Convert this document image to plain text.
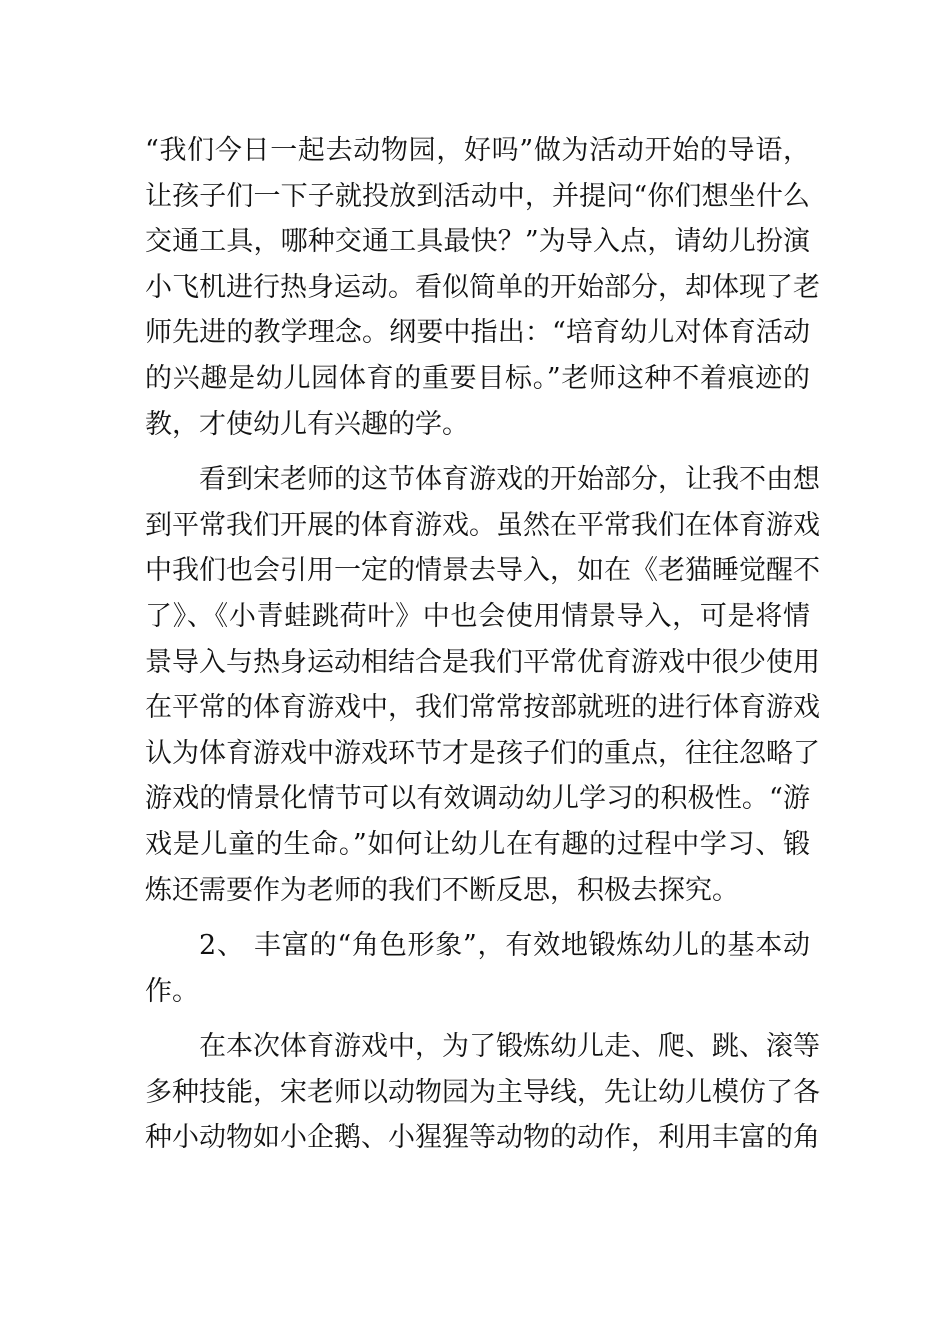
“我们今日一起去动物园，好吗”做为活动开始的导语，
让孩子们一下子就投放到活动中，并提问“你们想坐什么
交通工具，哪种交通工具最快？”为导入点，请幼儿扮演
小飞机进行热身运动。看似简单的开始部分，却体现了老
师先进的教学理念。纲要中指出：“培育幼儿对体育活动
的兴趣是幼儿园体育的重要目标。”老师这种不着痕迹的
教，才使幼儿有兴趣的学。
看到宋老师的这节体育游戏的开始部分，让我不由想
到平常我们开展的体育游戏。虽然在平常我们在体育游戏
中我们也会引用一定的情景去导入，如在《老猫睡觉醒不
了》、《小青蛙跳荷叶》中也会使用情景导入，可是将情
景导入与热身运动相结合是我们平常优育游戏中很少使用
在平常的体育游戏中，我们常常按部就班的进行体育游戏
认为体育游戏中游戏环节才是孩子们的重点，往往忽略了
游戏的情景化情节可以有效调动幼儿学习的积极性。“游
戏是儿童的生命。”如何让幼儿在有趣的过程中学习、锻
炼还需要作为老师的我们不断反思，积极去探究。
2、 丰富的“角色形象”，有效地锻炼幼儿的基本动
作。
在本次体育游戏中，为了锻炼幼儿走、爬、跳、滚等
多种技能，宋老师以动物园为主导线，先让幼儿模仿了各
种小动物如小企鹅、小猩猩等动物的动作，利用丰富的角
